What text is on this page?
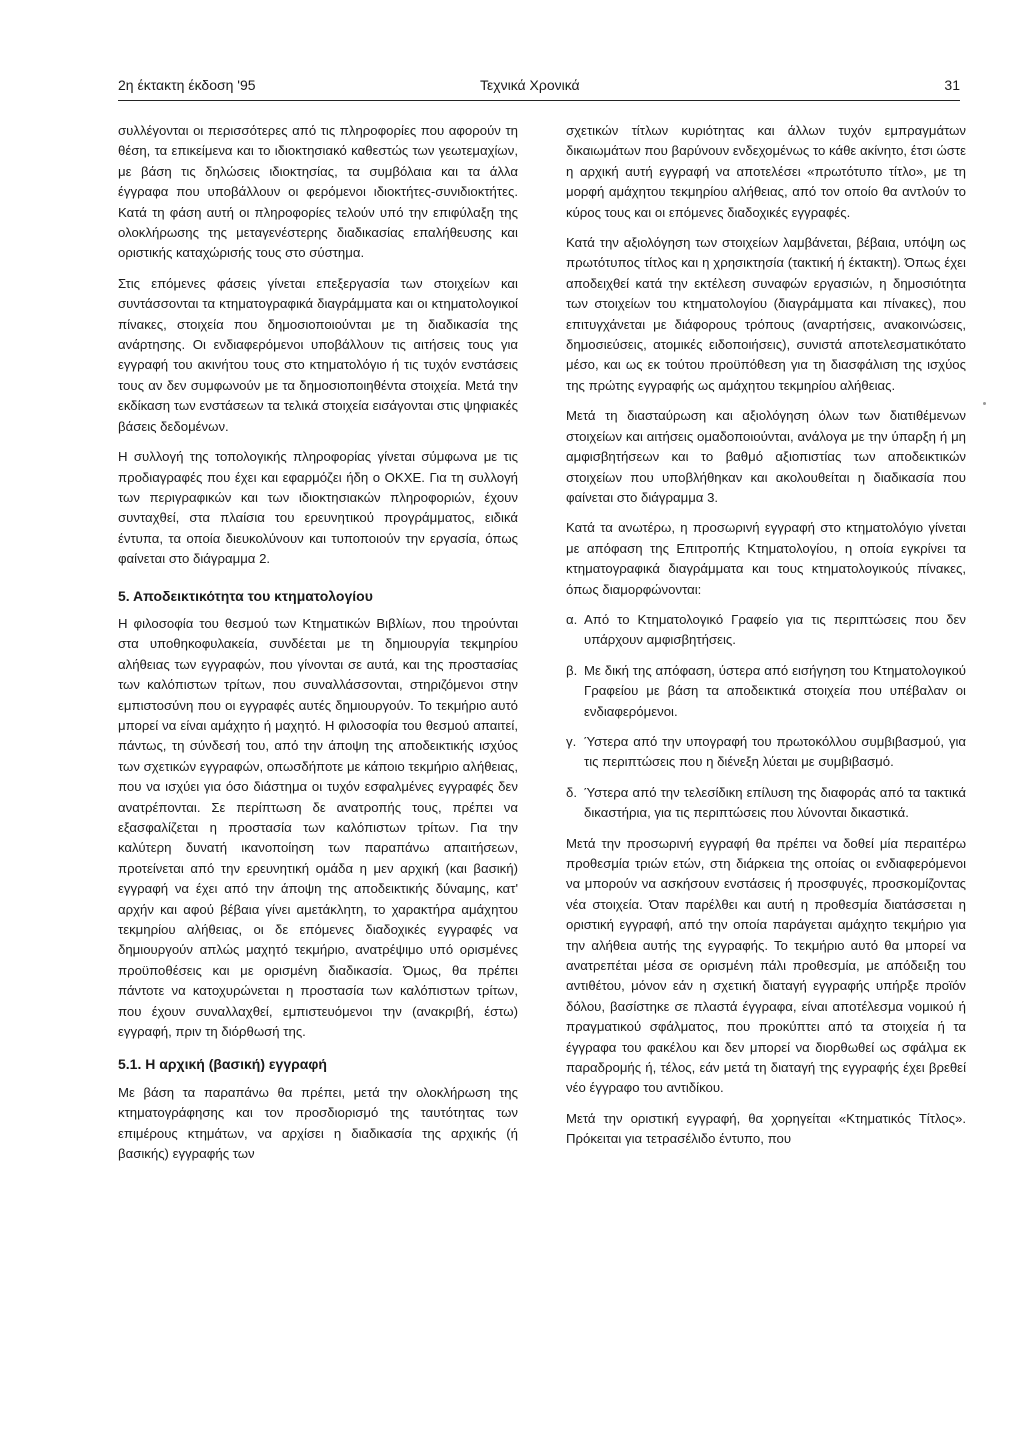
2η έκτακτη έκδοση '95	Τεχνικά Χρονικά	31

συλλέγονται οι περισσότερες από τις πληροφορίες που αφορούν τη θέση, τα επικείμενα και το ιδιοκτησιακό καθεστώς των γεωτεμαχίων, με βάση τις δηλώσεις ιδιοκτησίας, τα συμβόλαια και τα άλλα έγγραφα που υποβάλλουν οι φερόμενοι ιδιοκτήτες-συνιδιοκτήτες. Κατά τη φάση αυτή οι πληροφορίες τελούν υπό την επιφύλαξη της ολοκλήρωσης της μεταγενέστερης διαδικασίας επαλήθευσης και οριστικής καταχώρισής τους στο σύστημα.

Στις επόμενες φάσεις γίνεται επεξεργασία των στοιχείων και συντάσσονται τα κτηματογραφικά διαγράμματα και οι κτηματολογικοί πίνακες, στοιχεία που δημοσιοποιούνται με τη διαδικασία της ανάρτησης. Οι ενδιαφερόμενοι υποβάλλουν τις αιτήσεις τους για εγγραφή του ακινήτου τους στο κτηματολόγιο ή τις τυχόν ενστάσεις τους αν δεν συμφωνούν με τα δημοσιοποιηθέντα στοιχεία. Μετά την εκδίκαση των ενστάσεων τα τελικά στοιχεία εισάγονται στις ψηφιακές βάσεις δεδομένων.

Η συλλογή της τοπολογικής πληροφορίας γίνεται σύμφωνα με τις προδιαγραφές που έχει και εφαρμόζει ήδη ο ΟΚΧΕ. Για τη συλλογή των περιγραφικών και των ιδιοκτησιακών πληροφοριών, έχουν συνταχθεί, στα πλαίσια του ερευνητικού προγράμματος, ειδικά έντυπα, τα οποία διευκολύνουν και τυποποιούν την εργασία, όπως φαίνεται στο διάγραμμα 2.

5. Αποδεικτικότητα του κτηματολογίου

Η φιλοσοφία του θεσμού των Κτηματικών Βιβλίων, που τηρούνται στα υποθηκοφυλακεία, συνδέεται με τη δημιουργία τεκμηρίου αλήθειας των εγγραφών, που γίνονται σε αυτά, και της προστασίας των καλόπιστων τρίτων, που συναλλάσσονται, στηριζόμενοι στην εμπιστοσύνη που οι εγγραφές αυτές δημιουργούν. Το τεκμήριο αυτό μπορεί να είναι αμάχητο ή μαχητό. Η φιλοσοφία του θεσμού απαιτεί, πάντως, τη σύνδεσή του, από την άποψη της αποδεικτικής ισχύος των σχετικών εγγραφών, οπωσδήποτε με κάποιο τεκμήριο αλήθειας, που να ισχύει για όσο διάστημα οι τυχόν εσφαλμένες εγγραφές δεν ανατρέπονται. Σε περίπτωση δε ανατροπής τους, πρέπει να εξασφαλίζεται η προστασία των καλόπιστων τρίτων. Για την καλύτερη δυνατή ικανοποίηση των παραπάνω απαιτήσεων, προτείνεται από την ερευνητική ομάδα η μεν αρχική (και βασική) εγγραφή να έχει από την άποψη της αποδεικτικής δύναμης, κατ' αρχήν και αφού βέβαια γίνει αμετάκλητη, το χαρακτήρα αμάχητου τεκμηρίου αλήθειας, οι δε επόμενες διαδοχικές εγγραφές να δημιουργούν απλώς μαχητό τεκμήριο, ανατρέψιμο υπό ορισμένες προϋποθέσεις και με ορισμένη διαδικασία. Όμως, θα πρέπει πάντοτε να κατοχυρώνεται η προστασία των καλόπιστων τρίτων, που έχουν συναλλαχθεί, εμπιστευόμενοι την (ανακριβή, έστω) εγγραφή, πριν τη διόρθωσή της.

5.1. Η αρχική (βασική) εγγραφή

Με βάση τα παραπάνω θα πρέπει, μετά την ολοκλήρωση της κτηματογράφησης και τον προσδιορισμό της ταυτότητας των επιμέρους κτημάτων, να αρχίσει η διαδικασία της αρχικής (ή βασικής) εγγραφής των

σχετικών τίτλων κυριότητας και άλλων τυχόν εμπραγμάτων δικαιωμάτων που βαρύνουν ενδεχομένως το κάθε ακίνητο, έτσι ώστε η αρχική αυτή εγγραφή να αποτελέσει «πρωτότυπο τίτλο», με τη μορφή αμάχητου τεκμηρίου αλήθειας, από τον οποίο θα αντλούν το κύρος τους και οι επόμενες διαδοχικές εγγραφές.

Κατά την αξιολόγηση των στοιχείων λαμβάνεται, βέβαια, υπόψη ως πρωτότυπος τίτλος και η χρησικτησία (τακτική ή έκτακτη). Όπως έχει αποδειχθεί κατά την εκτέλεση συναφών εργασιών, η δημοσιότητα των στοιχείων του κτηματολογίου (διαγράμματα και πίνακες), που επιτυγχάνεται με διάφορους τρόπους (αναρτήσεις, ανακοινώσεις, δημοσιεύσεις, ατομικές ειδοποιήσεις), συνιστά αποτελεσματικότατο μέσο, και ως εκ τούτου προϋπόθεση για τη διασφάλιση της ισχύος της πρώτης εγγραφής ως αμάχητου τεκμηρίου αλήθειας.

Μετά τη διασταύρωση και αξιολόγηση όλων των διατιθέμενων στοιχείων και αιτήσεις ομαδοποιούνται, ανάλογα με την ύπαρξη ή μη αμφισβητήσεων και το βαθμό αξιοπιστίας των αποδεικτικών στοιχείων που υποβλήθηκαν και ακολουθείται η διαδικασία που φαίνεται στο διάγραμμα 3.

Κατά τα ανωτέρω, η προσωρινή εγγραφή στο κτηματολόγιο γίνεται με απόφαση της Επιτροπής Κτηματολογίου, η οποία εγκρίνει τα κτηματογραφικά διαγράμματα και τους κτηματολογικούς πίνακες, όπως διαμορφώνονται:

α. Από το Κτηματολογικό Γραφείο για τις περιπτώσεις που δεν υπάρχουν αμφισβητήσεις.
β. Με δική της απόφαση, ύστερα από εισήγηση του Κτηματολογικού Γραφείου με βάση τα αποδεικτικά στοιχεία που υπέβαλαν οι ενδιαφερόμενοι.
γ. Ύστερα από την υπογραφή του πρωτοκόλλου συμβιβασμού, για τις περιπτώσεις που η διένεξη λύεται με συμβιβασμό.
δ. Ύστερα από την τελεσίδικη επίλυση της διαφοράς από τα τακτικά δικαστήρια, για τις περιπτώσεις που λύνονται δικαστικά.

Μετά την προσωρινή εγγραφή θα πρέπει να δοθεί μία περαιτέρω προθεσμία τριών ετών, στη διάρκεια της οποίας οι ενδιαφερόμενοι να μπορούν να ασκήσουν ενστάσεις ή προσφυγές, προσκομίζοντας νέα στοιχεία. Όταν παρέλθει και αυτή η προθεσμία διατάσσεται η οριστική εγγραφή, από την οποία παράγεται αμάχητο τεκμήριο για την αλήθεια αυτής της εγγραφής. Το τεκμήριο αυτό θα μπορεί να ανατρεπέται μέσα σε ορισμένη πάλι προθεσμία, με απόδειξη του αντιθέτου, μόνον εάν η σχετική διαταγή εγγραφής υπήρξε προϊόν δόλου, βασίστηκε σε πλαστά έγγραφα, είναι αποτέλεσμα νομικού ή πραγματικού σφάλματος, που προκύπτει από τα στοιχεία ή τα έγγραφα του φακέλου και δεν μπορεί να διορθωθεί ως σφάλμα εκ παραδρομής ή, τέλος, εάν μετά τη διαταγή της εγγραφής έχει βρεθεί νέο έγγραφο του αντιδίκου.

Μετά την οριστική εγγραφή, θα χορηγείται «Κτηματικός Τίτλος». Πρόκειται για τετρασέλιδο έντυπο, που
